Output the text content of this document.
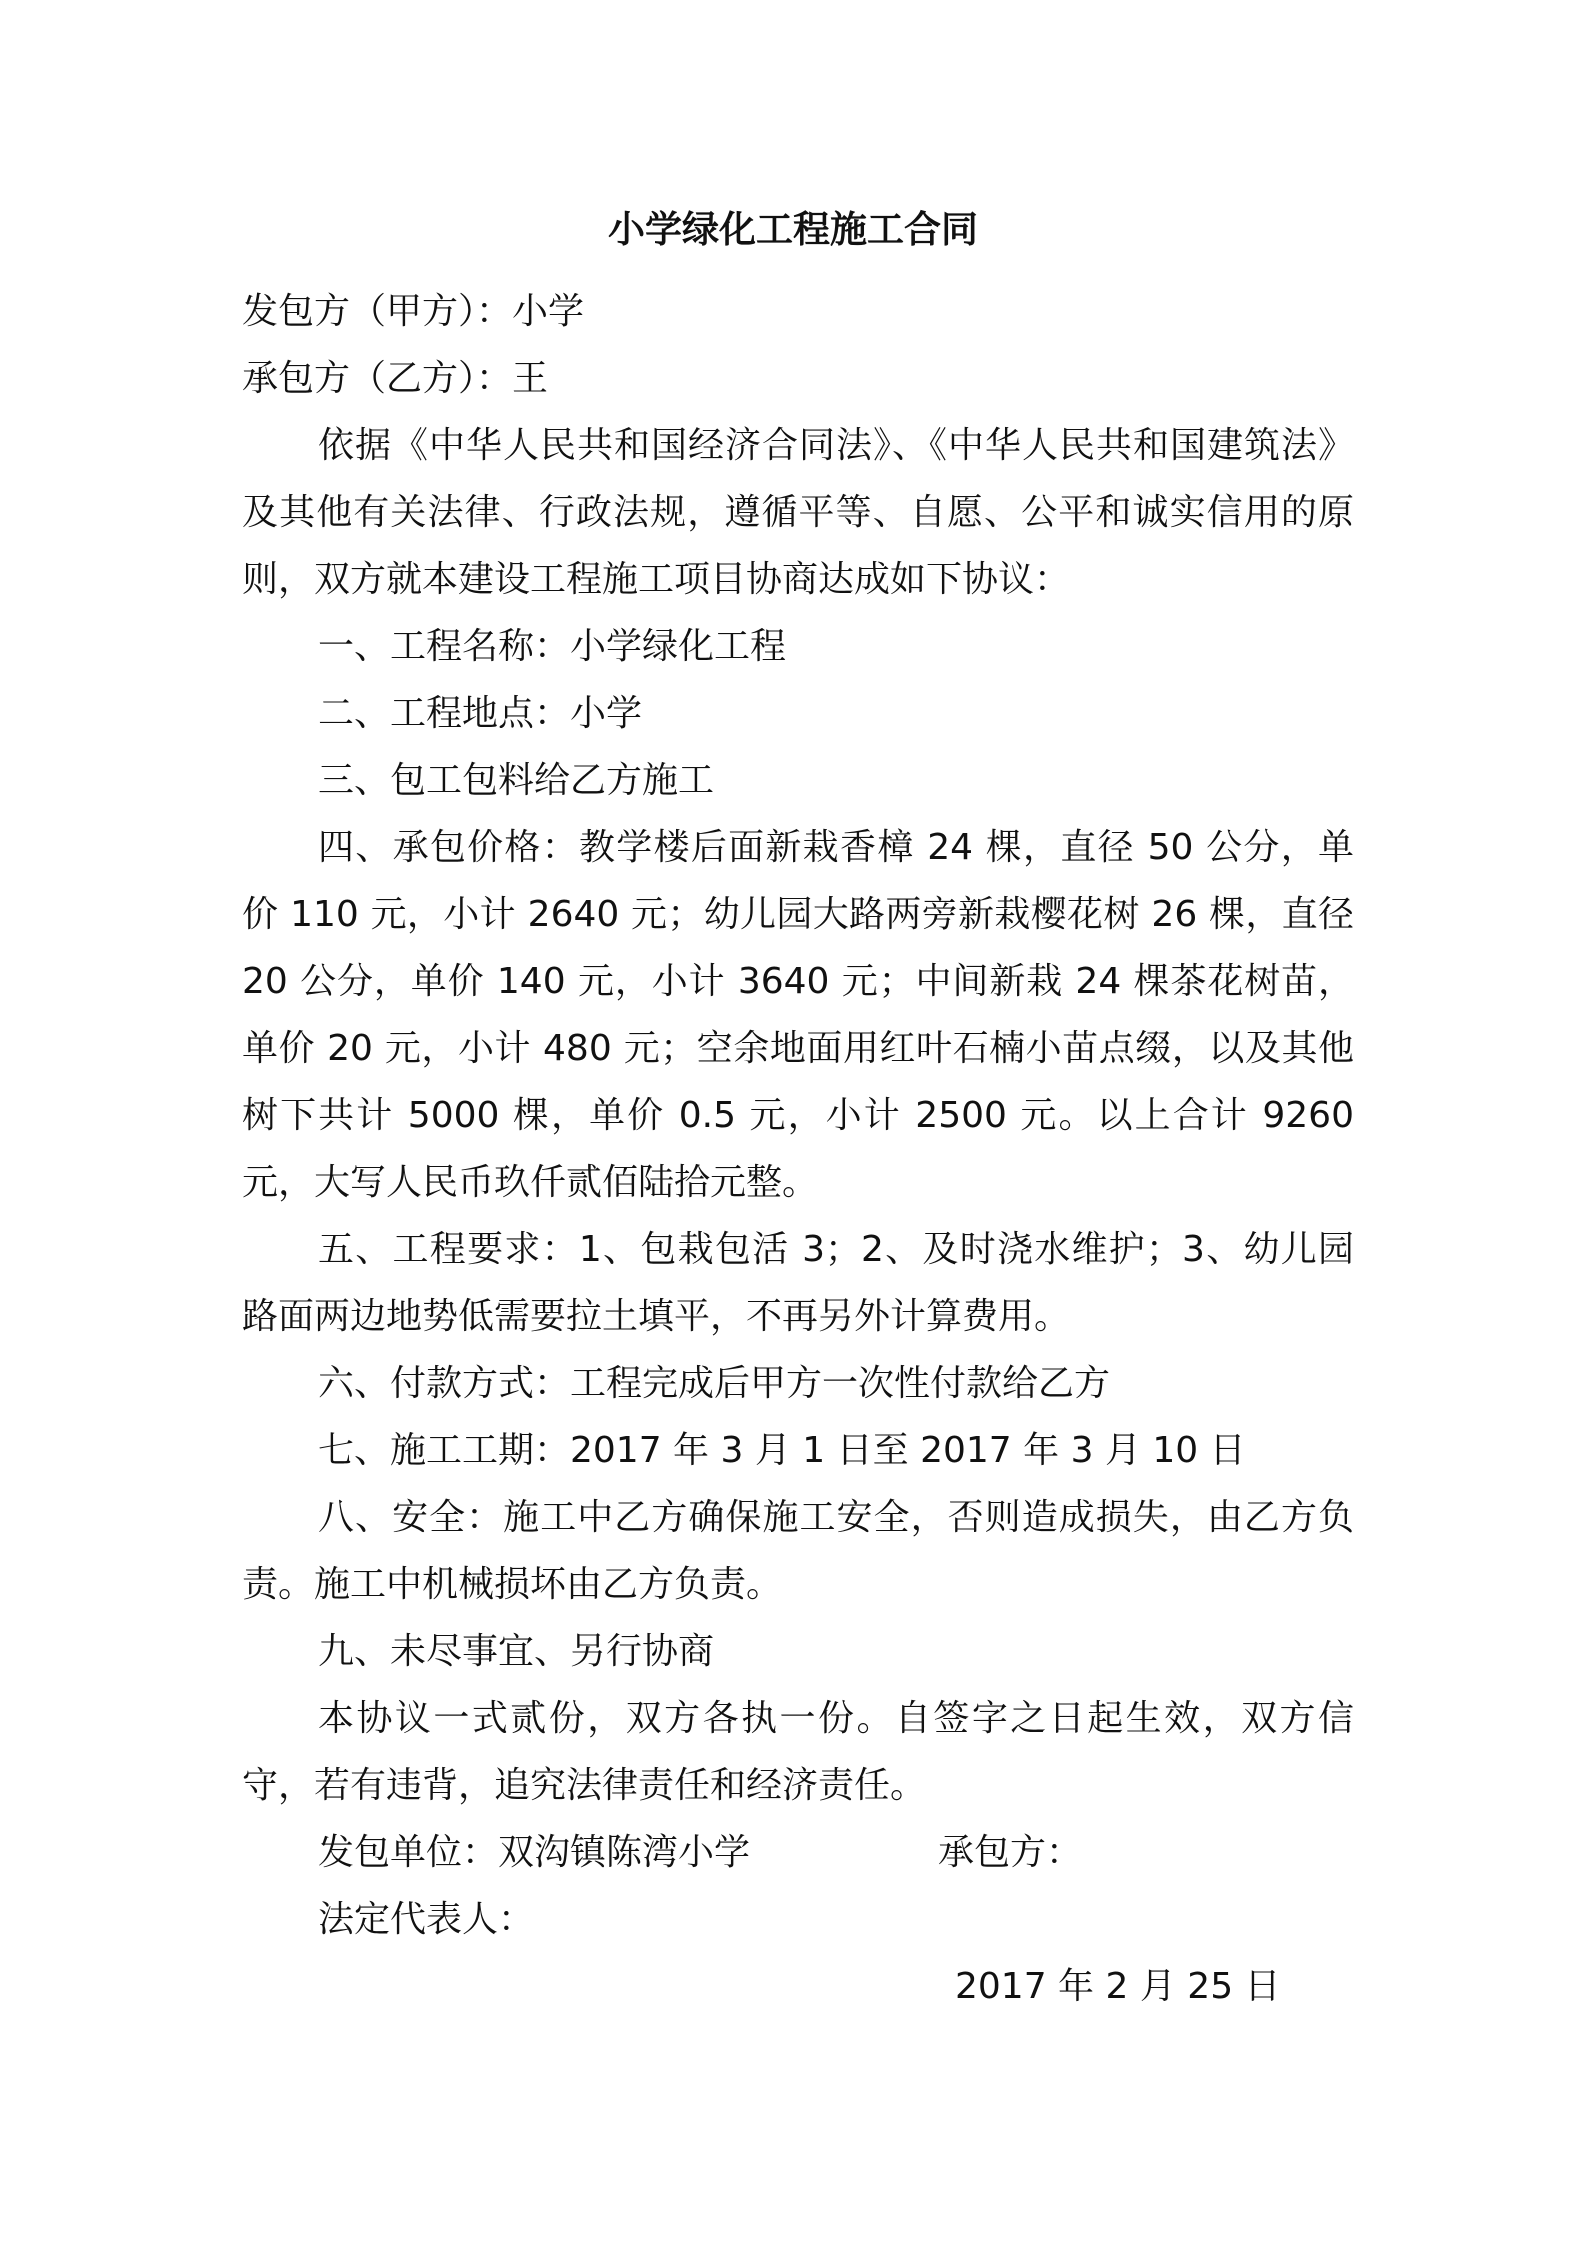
小学绿化工程施工合同

发包方（甲方）：小学

承包方（乙方）：王

依据《中华人民共和国经济合同法》、《中华人民共和国建筑法》及其他有关法律、行政法规，遵循平等、自愿、公平和诚实信用的原则，双方就本建设工程施工项目协商达成如下协议：

一、工程名称：小学绿化工程

二、工程地点：小学

三、包工包料给乙方施工

四、承包价格：教学楼后面新栽香樟 24 棵，直径 50 公分，单价 110 元，小计 2640 元；幼儿园大路两旁新栽樱花树 26 棵，直径 20 公分，单价 140 元，小计 3640 元；中间新栽 24 棵茶花树苗，单价 20 元，小计 480 元；空余地面用红叶石楠小苗点缀，以及其他树下共计 5000 棵，单价 0.5 元，小计 2500 元。以上合计 9260 元，大写人民币玖仟贰佰陆拾元整。

五、工程要求：1、包栽包活 3；2、及时浇水维护；3、幼儿园路面两边地势低需要拉土填平，不再另外计算费用。

六、付款方式：工程完成后甲方一次性付款给乙方

七、施工工期：2017 年 3 月 1 日至 2017 年 3 月 10 日

八、安全：施工中乙方确保施工安全，否则造成损失，由乙方负责。施工中机械损坏由乙方负责。

九、未尽事宜、另行协商

本协议一式贰份，双方各执一份。自签字之日起生效，双方信守，若有违背，追究法律责任和经济责任。

发包单位：双沟镇陈湾小学	承包方：
法定代表人：
2017 年 2 月 25 日
